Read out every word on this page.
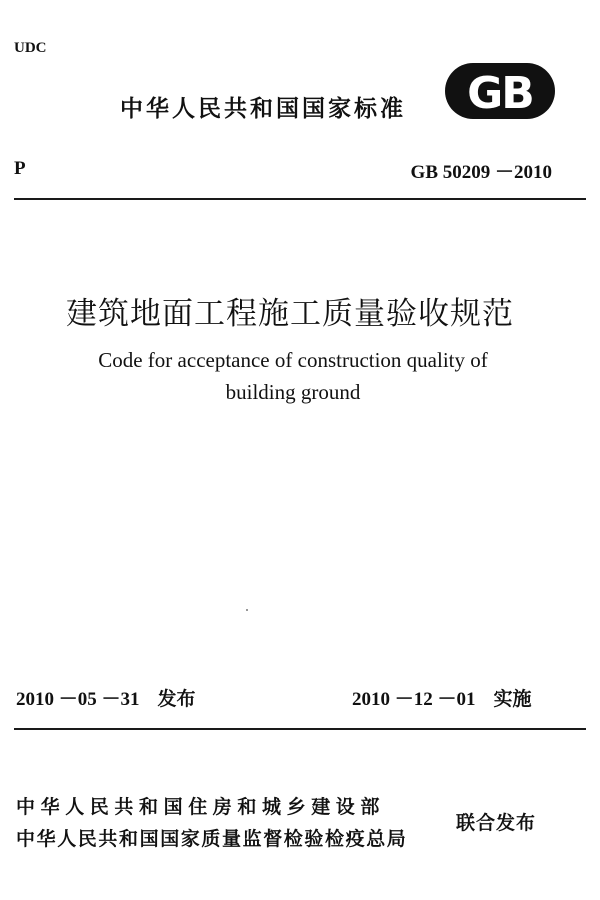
UDC
中华人民共和国国家标准 GB
P	GB 50209 －2010
建筑地面工程施工质量验收规范
Code for acceptance of construction quality of
building ground
2010 －05 －31 发布	2010 －12 －01 实施
中华人民共和国住房和城乡建设部
中华人民共和国国家质量监督检验检疫总局
联合发布
